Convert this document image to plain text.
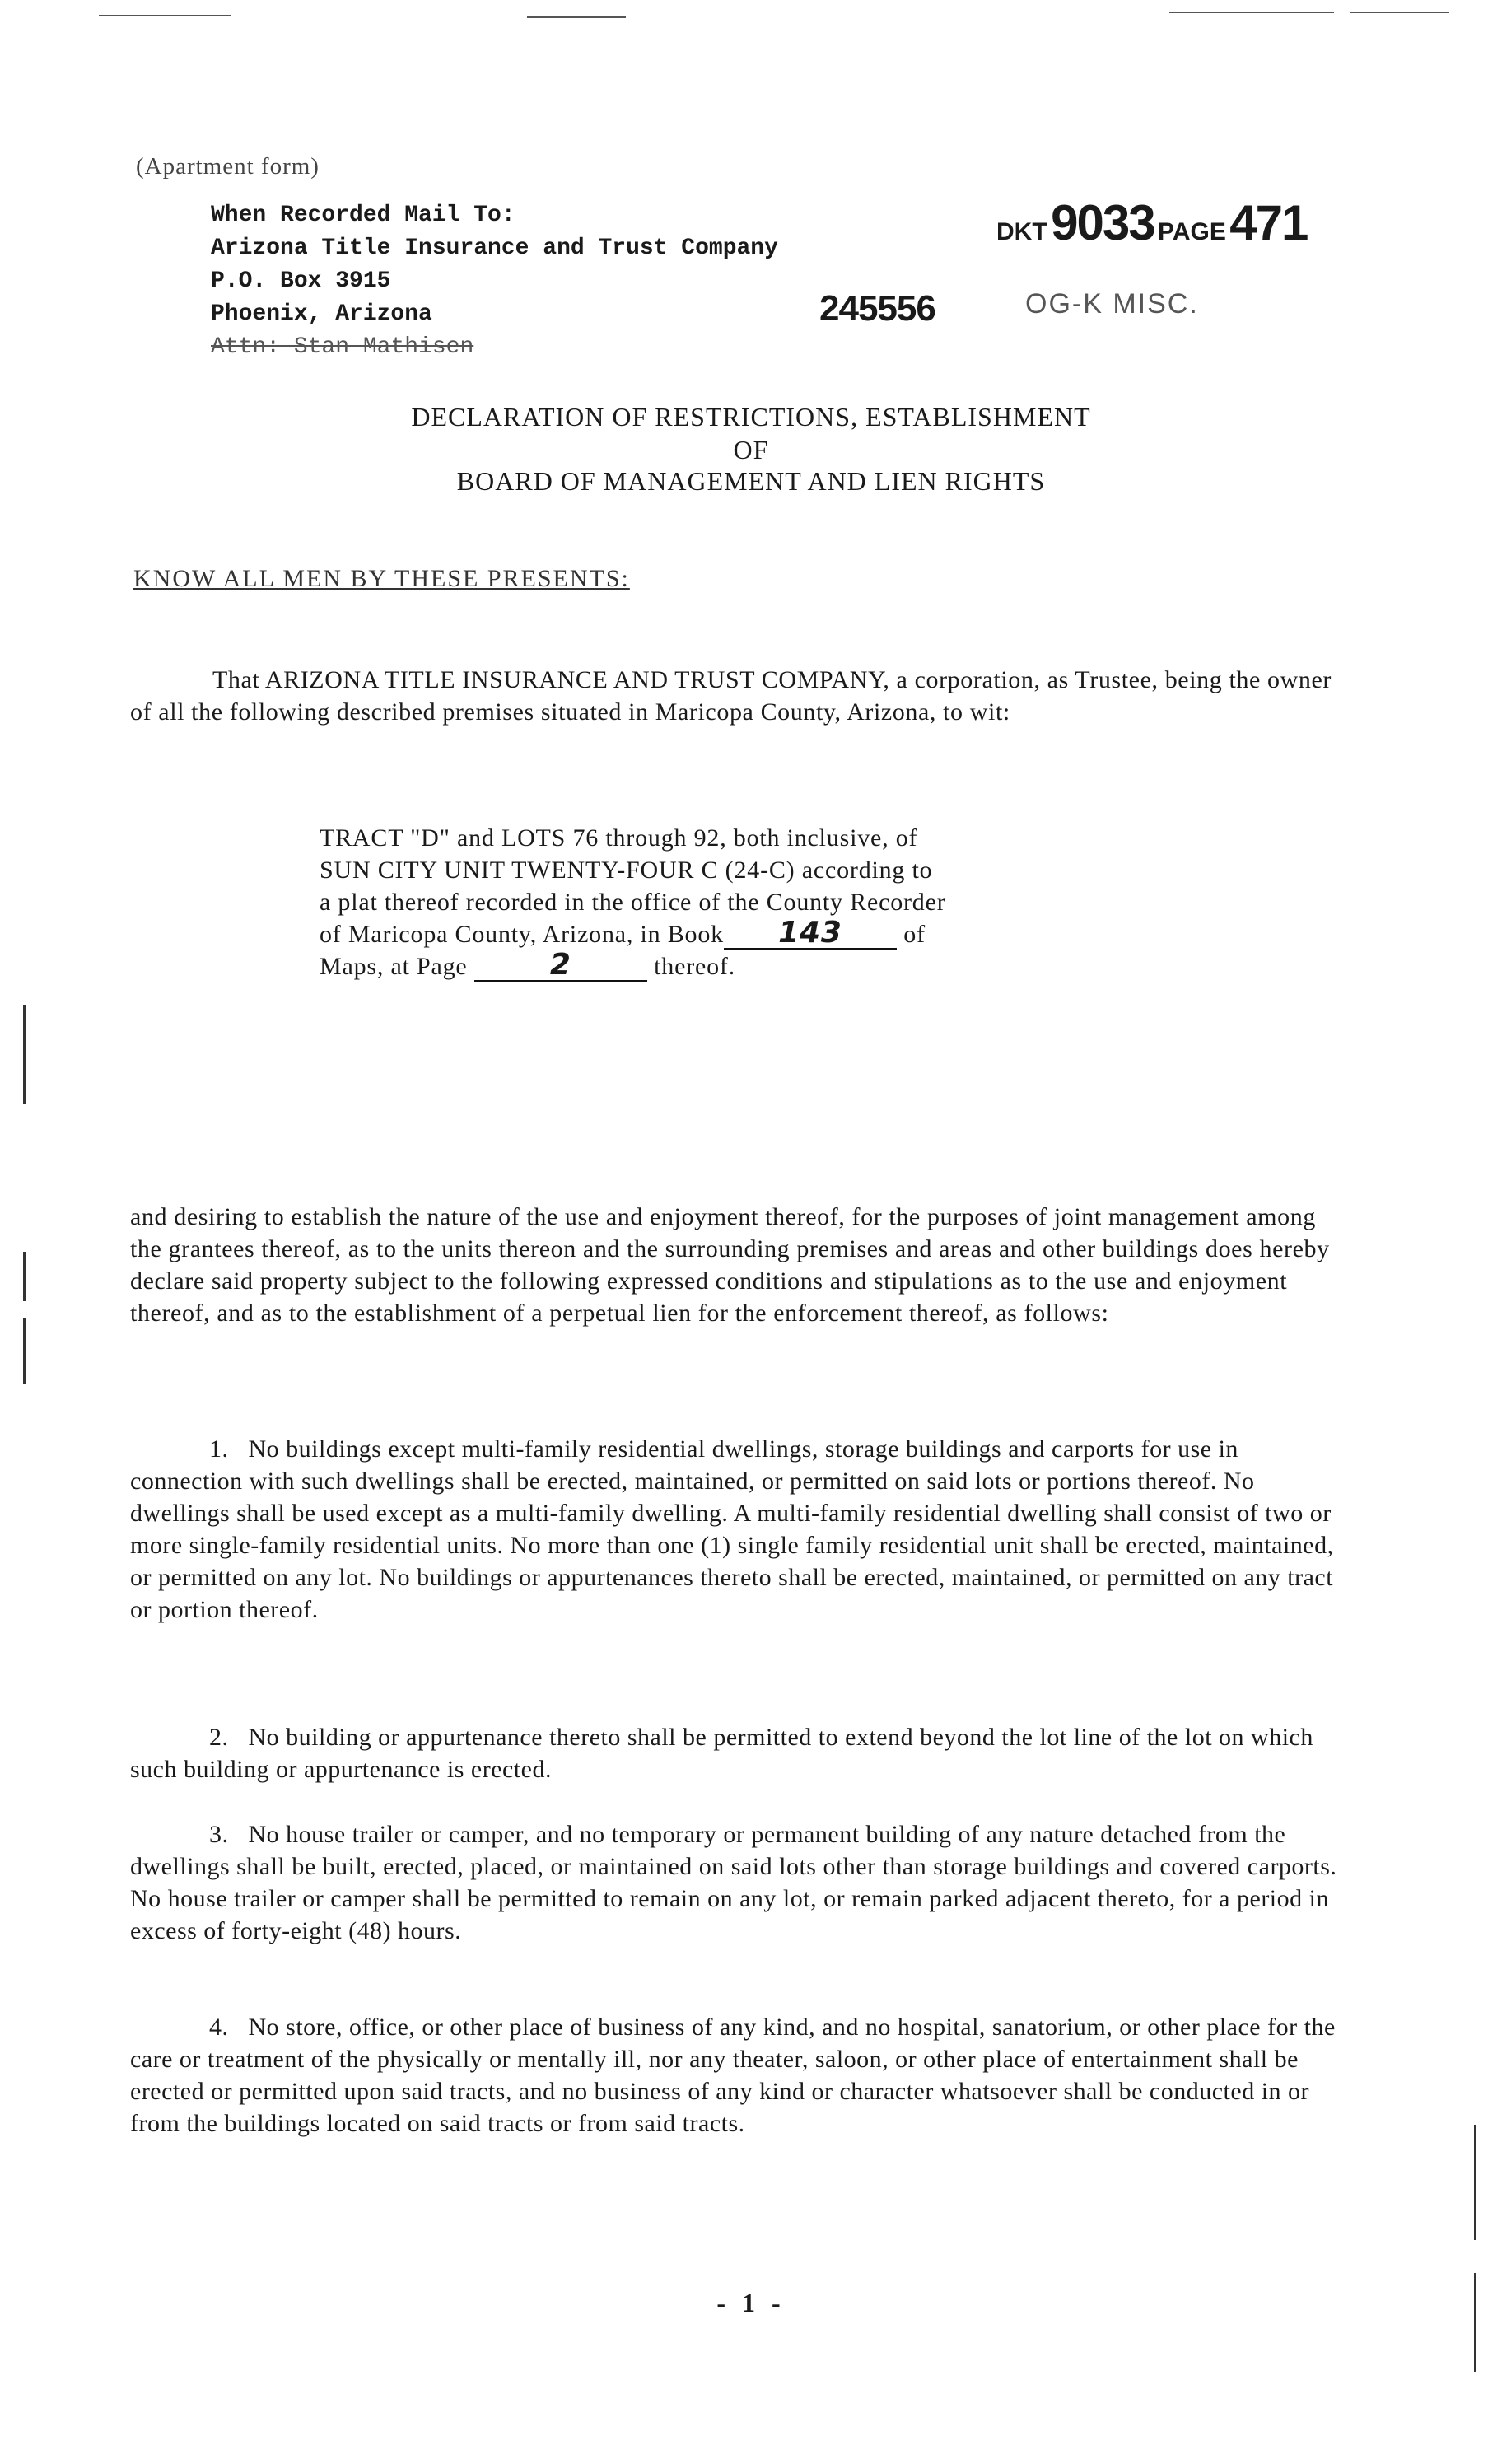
(Apartment form)
When Recorded Mail To:
Arizona Title Insurance and Trust Company
P.O. Box 3915
Phoenix, Arizona
Attn: Stan Mathisen
DKT 9033 PAGE 471
245556	OG-K MISC.
DECLARATION OF RESTRICTIONS, ESTABLISHMENT
OF
BOARD OF MANAGEMENT AND LIEN RIGHTS
KNOW ALL MEN BY THESE PRESENTS:

That ARIZONA TITLE INSURANCE AND TRUST COMPANY, a corporation, as Trustee, being the owner of all the following described premises situated in Maricopa County, Arizona, to wit:

TRACT "D" and LOTS 76 through 92, both inclusive, of
SUN CITY UNIT TWENTY-FOUR C (24-C) according to
a plat thereof recorded in the office of the County Recorder
of Maricopa County, Arizona, in Book 143 of
Maps, at Page	2	thereof.
and desiring to establish the nature of the use and enjoyment thereof, for the purposes of joint management among the grantees thereof, as to the units thereon and the surrounding premises and areas and other buildings does hereby declare said property subject to the following expressed conditions and stipulations as to the use and enjoyment thereof, and as to the establishment of a perpetual lien for the enforcement thereof, as follows:

1. No buildings except multi-family residential dwellings, storage buildings and carports for use in connection with such dwellings shall be erected, maintained, or permitted on said lots or portions thereof. No dwellings shall be used except as a multi-family dwelling. A multi-family residential dwelling shall consist of two or more single-family residential units. No more than one (1) single family residential unit shall be erected, maintained, or permitted on any lot. No buildings or appurtenances thereto shall be erected, maintained, or permitted on any tract or portion thereof.

2. No building or appurtenance thereto shall be permitted to extend beyond the lot line of the lot on which such building or appurtenance is erected.

3. No house trailer or camper, and no temporary or permanent building of any nature detached from the dwellings shall be built, erected, placed, or maintained on said lots other than storage buildings and covered carports. No house trailer or camper shall be permitted to remain on any lot, or remain parked adjacent thereto, for a period in excess of forty-eight (48) hours.

4. No store, office, or other place of business of any kind, and no hospital, sanatorium, or other place for the care or treatment of the physically or mentally ill, nor any theater, saloon, or other place of entertainment shall be erected or permitted upon said tracts, and no business of any kind or character whatsoever shall be conducted in or from the buildings located on said tracts or from said tracts.

- 1 -
